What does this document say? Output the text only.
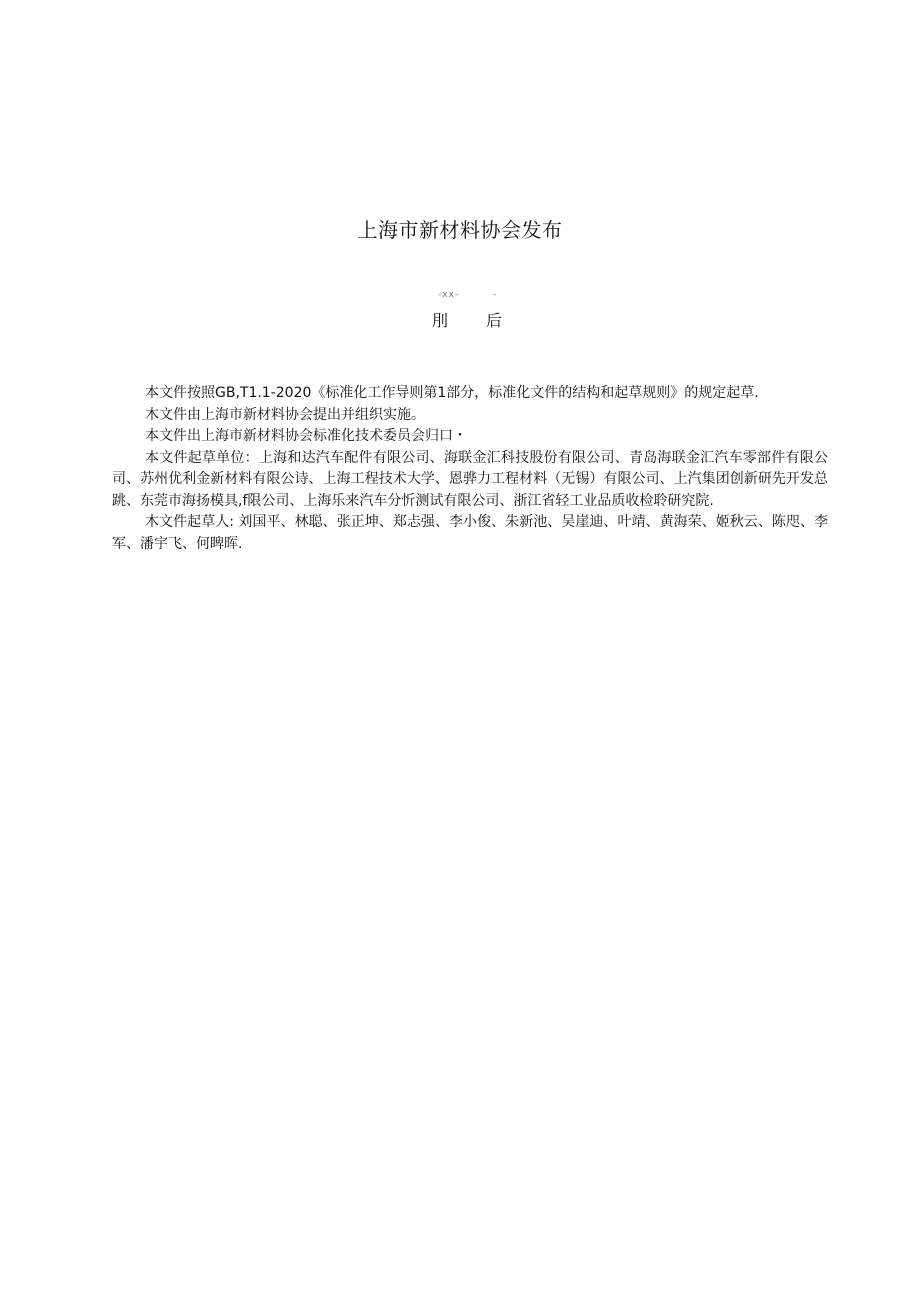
上海市新材料协会发布
-xx-	-
刖 后

本文件按照GB,T1.1-2020《标准化工作导则第1部分，标准化文件的结构和起草规则》的规定起草.

木文件由上海市新材料协会提出并组织实施。

本文件出上海市新材料协会标准化技术委员会归口・

本文件起草单位：上海和达汽车配件有限公司、海联金汇科技股份有限公司、青岛海联金汇汽车零部件有限公司、苏州优利金新材料有限公诗、上海工程技术大学、恩骅力工程材料（无锡）有限公司、上汽集团创新研先开发总跳、东莞市海扬模具,f限公司、上海乐来汽车分忻测试有限公司、浙江省轻工业品质收检聆研究院.

木文件起草人: 刘国平、林聪、张正坤、郑忐强、李小俊、朱新池、吴崖迪、叶靖、黄海荣、姬秋云、陈咫、李军、潘宇飞、何睥晖.
